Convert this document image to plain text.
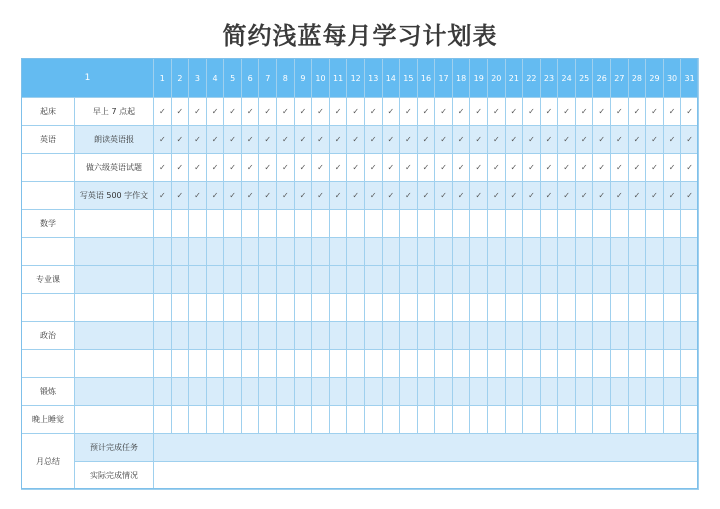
简约浅蓝每月学习计划表
1		1	2	3	4	5	6	7	8	9	10	11	12	13	14	15	16	17	18	19	20	21	22	23	24	25	26	27	28	29	30	31
起床	早上 7 点起	✓	✓	✓	✓	✓	✓	✓	✓	✓	✓	✓	✓	✓	✓	✓	✓	✓	✓	✓	✓	✓	✓	✓	✓	✓	✓	✓	✓	✓	✓	✓
英语	朗读英语报	✓	✓	✓	✓	✓	✓	✓	✓	✓	✓	✓	✓	✓	✓	✓	✓	✓	✓	✓	✓	✓	✓	✓	✓	✓	✓	✓	✓	✓	✓	✓
	做六级英语试题	✓	✓	✓	✓	✓	✓	✓	✓	✓	✓	✓	✓	✓	✓	✓	✓	✓	✓	✓	✓	✓	✓	✓	✓	✓	✓	✓	✓	✓	✓	✓
	写英语 500 字作文	✓	✓	✓	✓	✓	✓	✓	✓	✓	✓	✓	✓	✓	✓	✓	✓	✓	✓	✓	✓	✓	✓	✓	✓	✓	✓	✓	✓	✓	✓	✓
数学																																

专业课																																

政治																																

锻炼																																
晚上睡觉																																
月总结	预计完成任务																															
	实际完成情况																															
